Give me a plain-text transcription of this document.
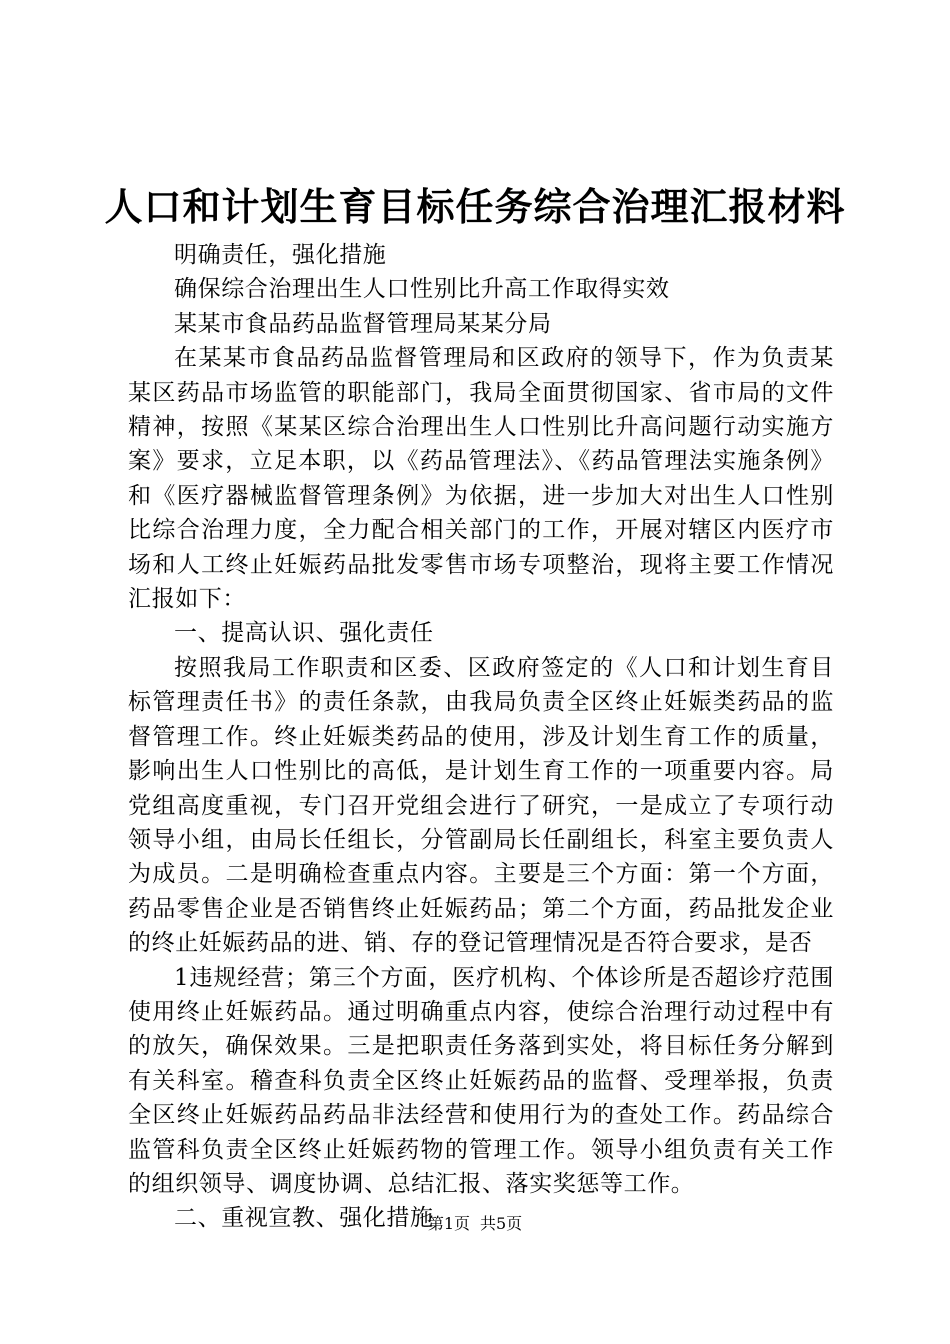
人口和计划生育目标任务综合治理汇报材料

明确责任，强化措施

确保综合治理出生人口性别比升高工作取得实效

某某市食品药品监督管理局某某分局

在某某市食品药品监督管理局和区政府的领导下，作为负责某某区药品市场监管的职能部门，我局全面贯彻国家、省市局的文件精神，按照《某某区综合治理出生人口性别比升高问题行动实施方案》要求，立足本职，以《药品管理法》、《药品管理法实施条例》和《医疗器械监督管理条例》为依据，进一步加大对出生人口性别比综合治理力度，全力配合相关部门的工作，开展对辖区内医疗市场和人工终止妊娠药品批发零售市场专项整治，现将主要工作情况汇报如下：

一、提高认识、强化责任

按照我局工作职责和区委、区政府签定的《人口和计划生育目标管理责任书》的责任条款，由我局负责全区终止妊娠类药品的监督管理工作。终止妊娠类药品的使用，涉及计划生育工作的质量，影响出生人口性别比的高低，是计划生育工作的一项重要内容。局党组高度重视，专门召开党组会进行了研究，一是成立了专项行动领导小组，由局长任组长，分管副局长任副组长，科室主要负责人为成员。二是明确检查重点内容。主要是三个方面：第一个方面，药品零售企业是否销售终止妊娠药品；第二个方面，药品批发企业的终止妊娠药品的进、销、存的登记管理情况是否符合要求，是否

1违规经营；第三个方面，医疗机构、个体诊所是否超诊疗范围使用终止妊娠药品。通过明确重点内容，使综合治理行动过程中有的放矢，确保效果。三是把职责任务落到实处，将目标任务分解到有关科室。稽查科负责全区终止妊娠药品的监督、受理举报，负责全区终止妊娠药品药品非法经营和使用行为的查处工作。药品综合监管科负责全区终止妊娠药物的管理工作。领导小组负责有关工作的组织领导、调度协调、总结汇报、落实奖惩等工作。

二、重视宣教、强化措施

第1页 共5页
